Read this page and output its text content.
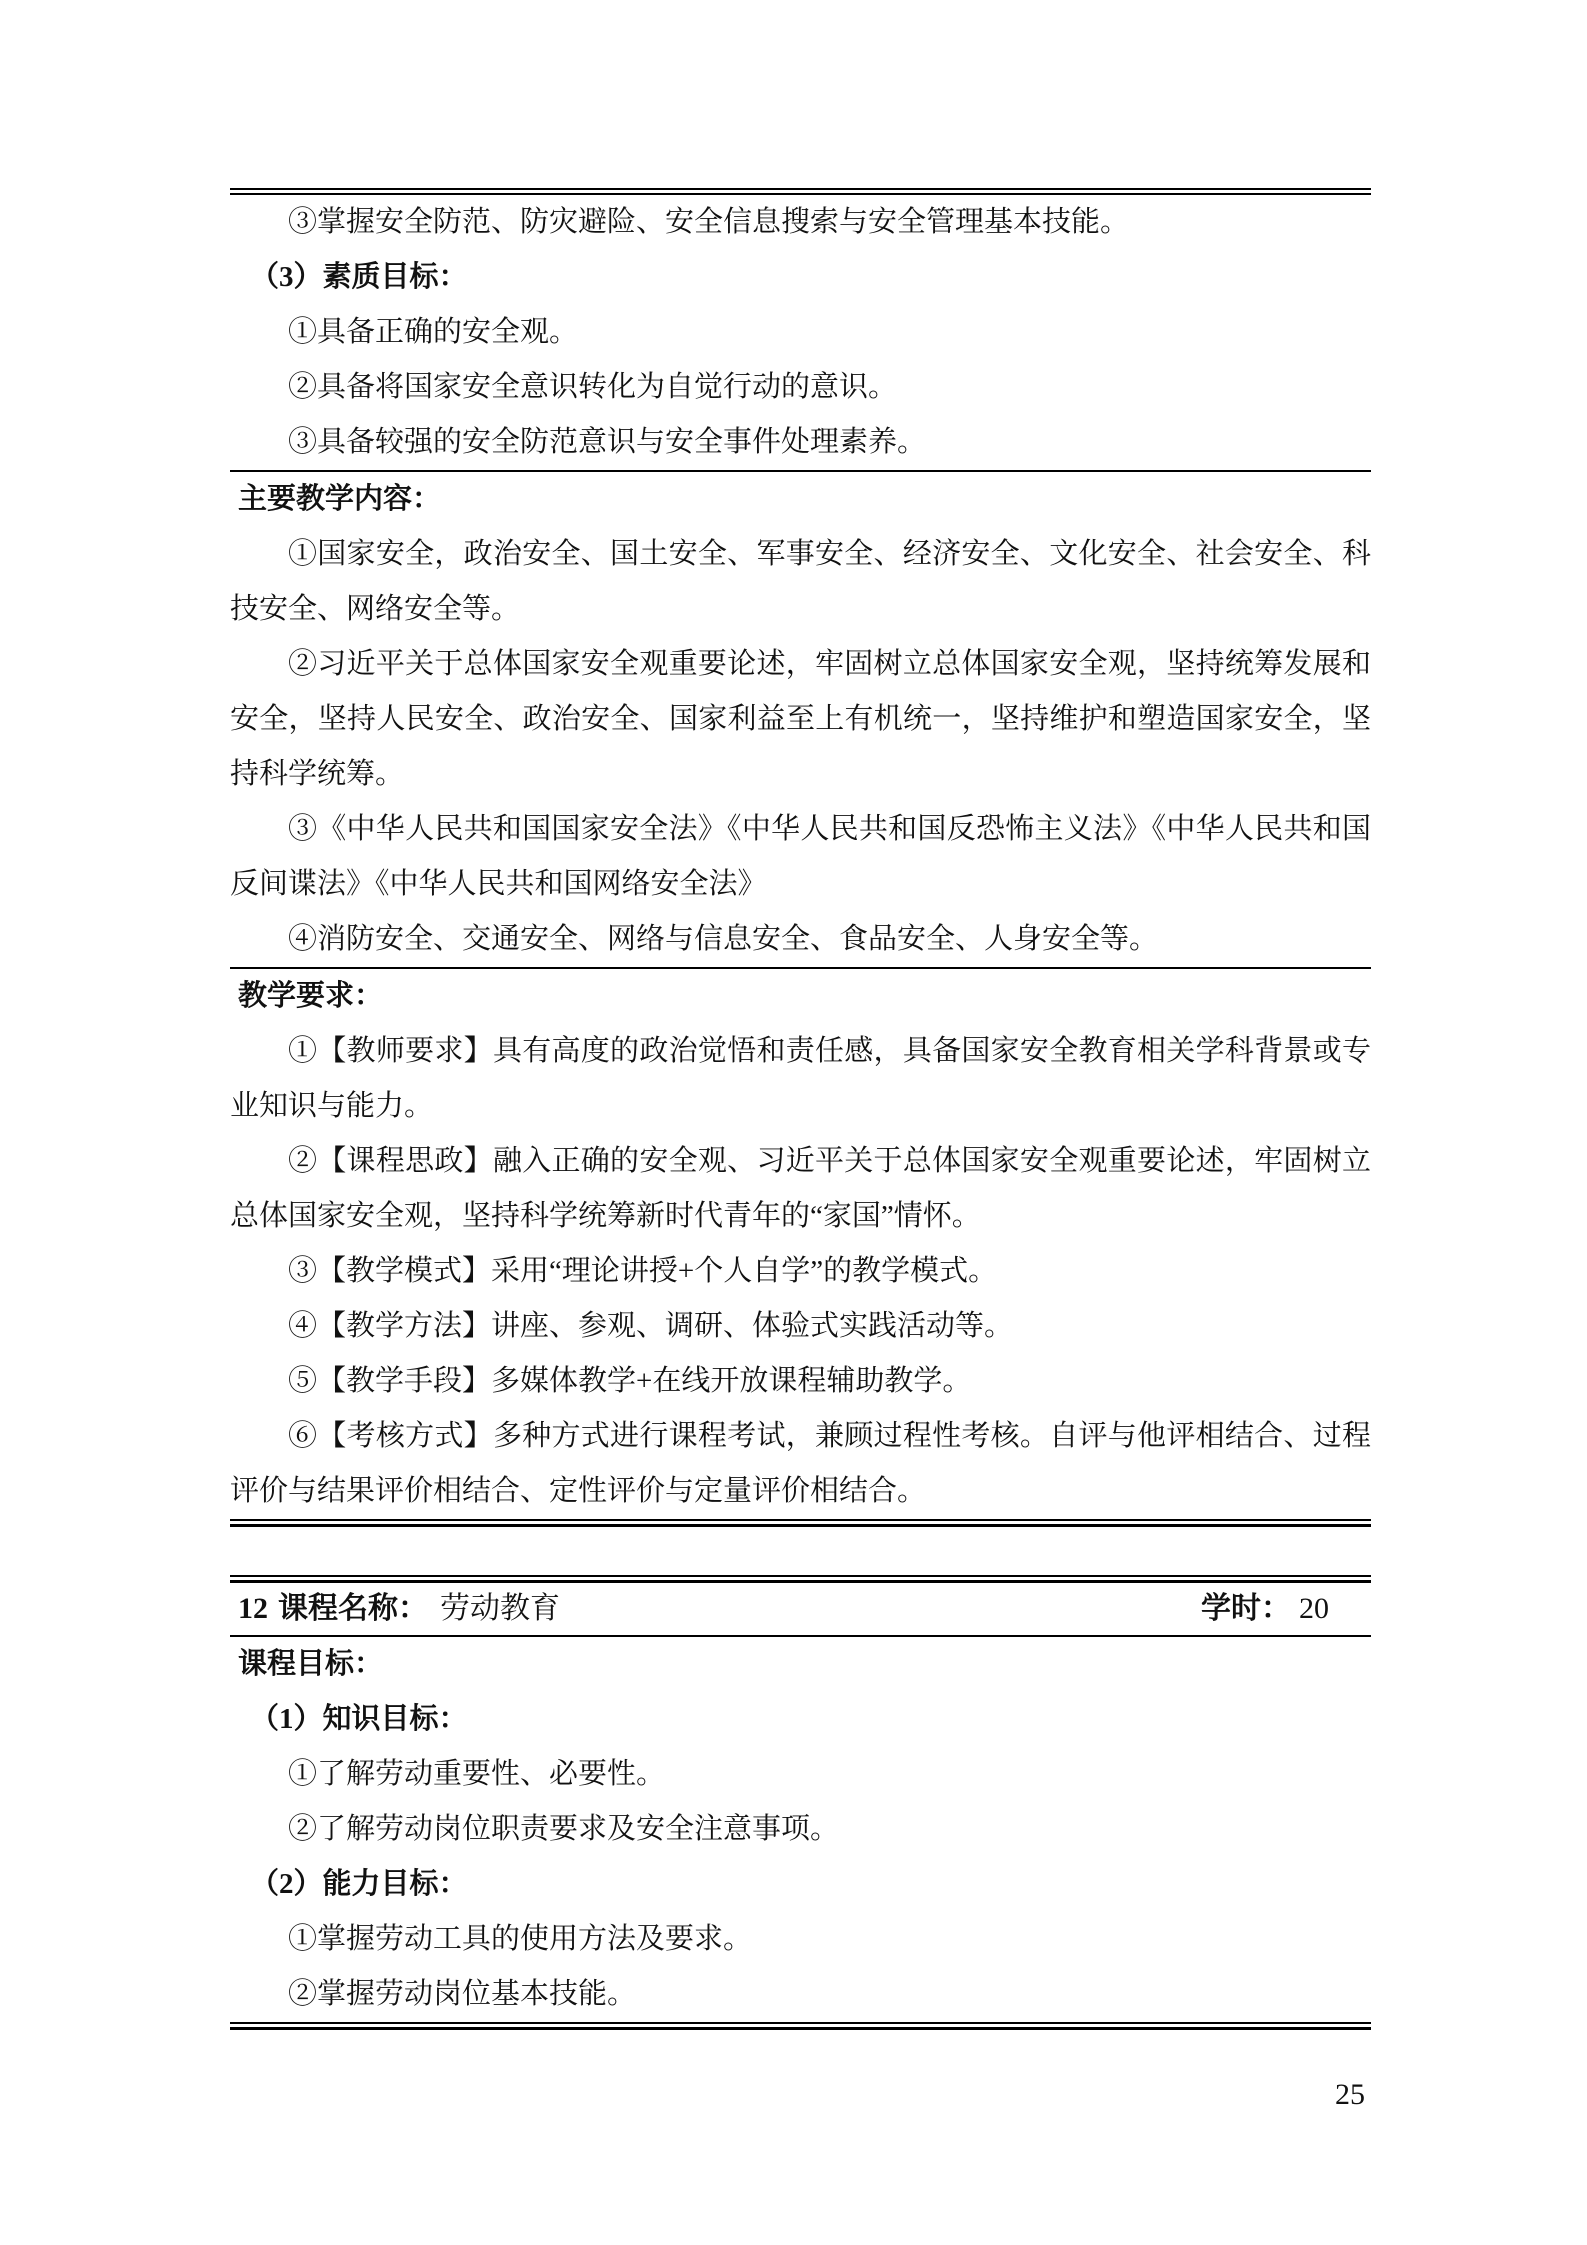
③掌握安全防范、防灾避险、安全信息搜索与安全管理基本技能。

（3）素质目标：

①具备正确的安全观。

②具备将国家安全意识转化为自觉行动的意识。

③具备较强的安全防范意识与安全事件处理素养。

主要教学内容：

①国家安全，政治安全、国土安全、军事安全、经济安全、文化安全、社会安全、科技安全、网络安全等。

②习近平关于总体国家安全观重要论述，牢固树立总体国家安全观，坚持统筹发展和安全，坚持人民安全、政治安全、国家利益至上有机统一，坚持维护和塑造国家安全，坚持科学统筹。

③《中华人民共和国国家安全法》《中华人民共和国反恐怖主义法》《中华人民共和国反间谍法》《中华人民共和国网络安全法》

④消防安全、交通安全、网络与信息安全、食品安全、人身安全等。

教学要求：

①【教师要求】具有高度的政治觉悟和责任感，具备国家安全教育相关学科背景或专业知识与能力。

②【课程思政】融入正确的安全观、习近平关于总体国家安全观重要论述，牢固树立总体国家安全观，坚持科学统筹新时代青年的“家国”情怀。

③【教学模式】采用“理论讲授+个人自学”的教学模式。

④【教学方法】讲座、参观、调研、体验式实践活动等。

⑤【教学手段】多媒体教学+在线开放课程辅助教学。

⑥【考核方式】多种方式进行课程考试，兼顾过程性考核。自评与他评相结合、过程评价与结果评价相结合、定性评价与定量评价相结合。

12 课程名称： 劳动教育	学时： 20

课程目标：

（1）知识目标：

①了解劳动重要性、必要性。

②了解劳动岗位职责要求及安全注意事项。

（2）能力目标：

①掌握劳动工具的使用方法及要求。

②掌握劳动岗位基本技能。

25
